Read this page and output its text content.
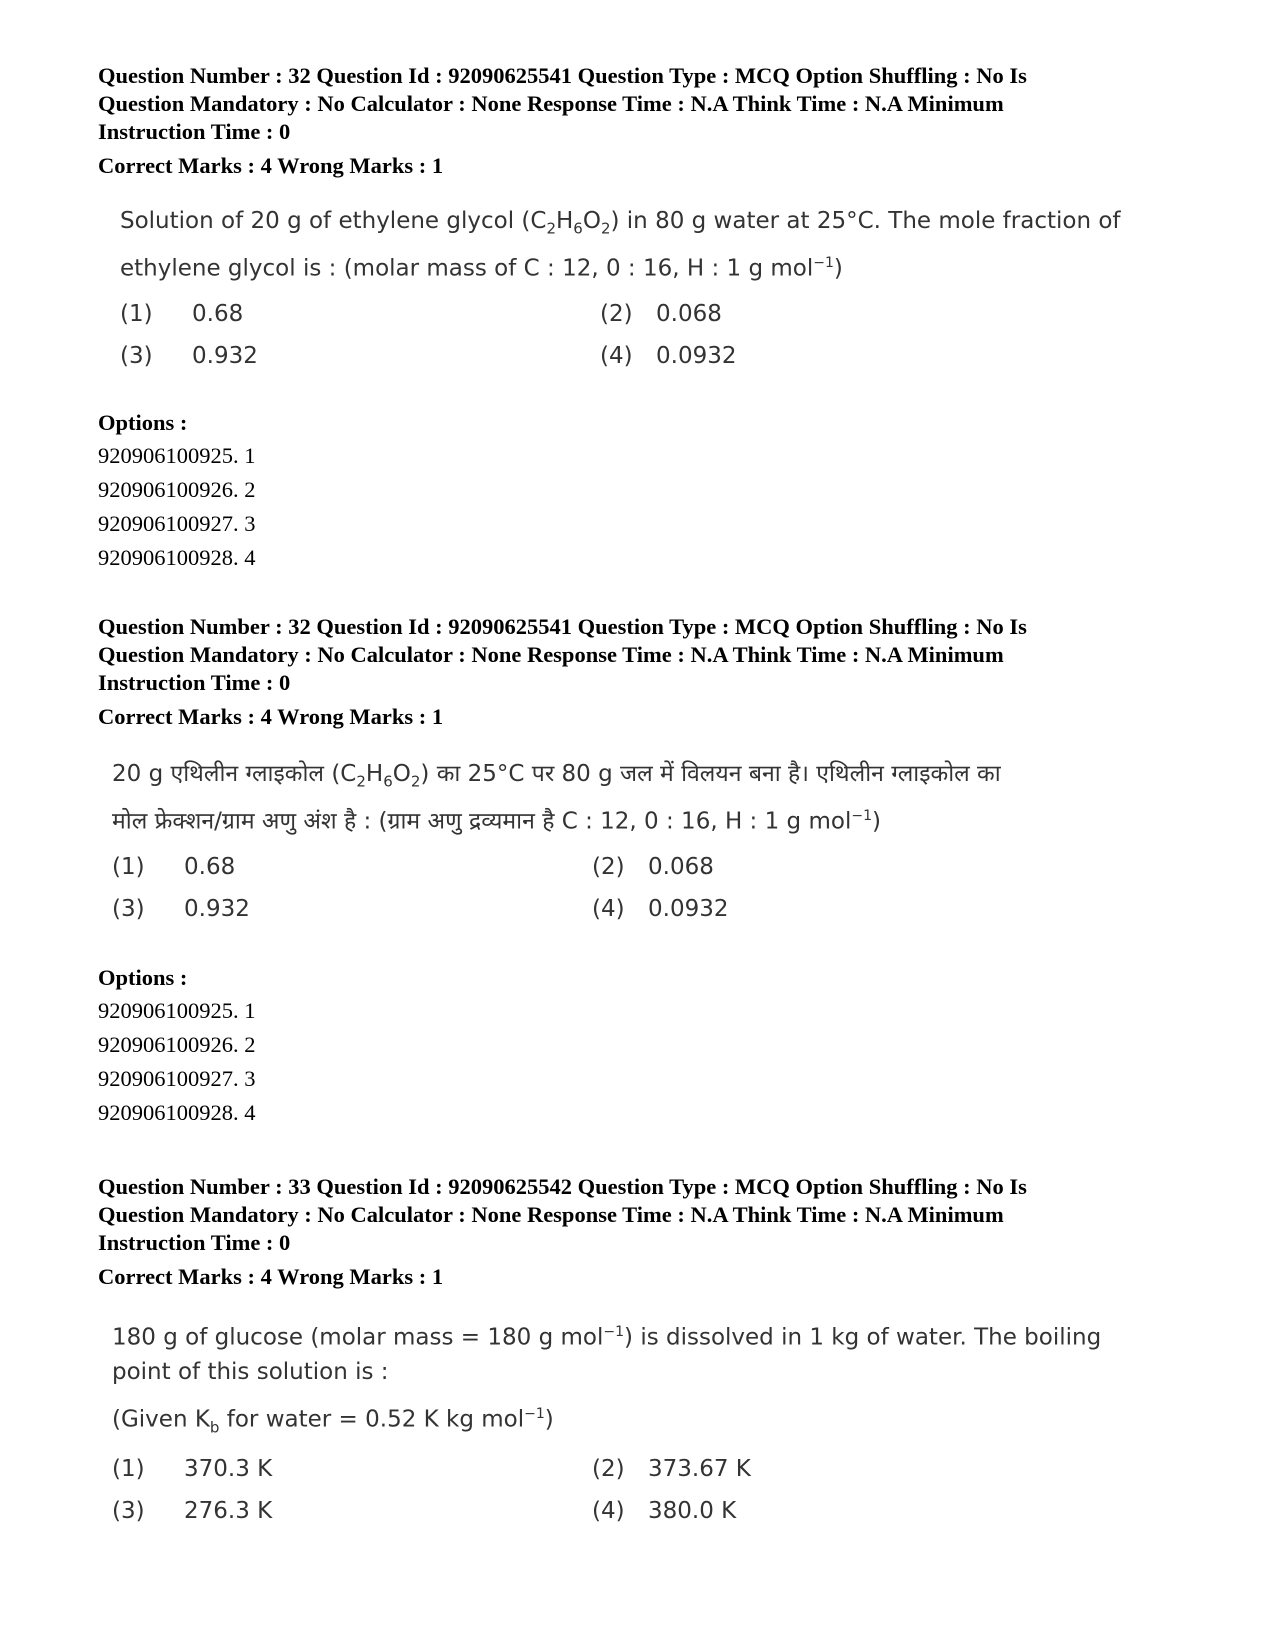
Question Number : 32 Question Id : 92090625541 Question Type : MCQ Option Shuffling : No Is

Question Mandatory : No Calculator : None Response Time : N.A Think Time : N.A Minimum

Instruction Time : 0

Correct Marks : 4 Wrong Marks : 1

Solution of 20 g of ethylene glycol $(C_2H_6O_2)$ in 80 g water at 25°C. The mole fraction of

ethylene glycol is : (molar mass of C : 12, 0 : 16, H : 1 g mol$^{-1}$)

(1) 0.68	(2) 0.068
(3) 0.932	(4) 0.0932
Options :

920906100925. 1

920906100926. 2

920906100927. 3

920906100928. 4

Question Number : 32 Question Id : 92090625541 Question Type : MCQ Option Shuffling : No Is

Question Mandatory : No Calculator : None Response Time : N.A Think Time : N.A Minimum

Instruction Time : 0

Correct Marks : 4 Wrong Marks : 1

20 g एथिलीन ग्लाइकोल $(C_2H_6O_2)$ का 25°C पर 80 g जल में विलयन बना है। एथिलीन ग्लाइकोल का

मोल फ्रेक्शन/ग्राम अणु अंश है : (ग्राम अणु द्रव्यमान है C : 12, 0 : 16, H : 1 g mol$^{-1}$)

(1) 0.68	(2) 0.068
(3) 0.932	(4) 0.0932
Options :

920906100925. 1

920906100926. 2

920906100927. 3

920906100928. 4

Question Number : 33 Question Id : 92090625542 Question Type : MCQ Option Shuffling : No Is

Question Mandatory : No Calculator : None Response Time : N.A Think Time : N.A Minimum

Instruction Time : 0

Correct Marks : 4 Wrong Marks : 1

180 g of glucose (molar mass = 180 g mol$^{-1}$) is dissolved in 1 kg of water. The boiling

point of this solution is :

(Given $K_b$ for water = 0.52 K kg mol$^{-1}$)

(1) 370.3 K	(2) 373.67 K
(3) 276.3 K	(4) 380.0 K
